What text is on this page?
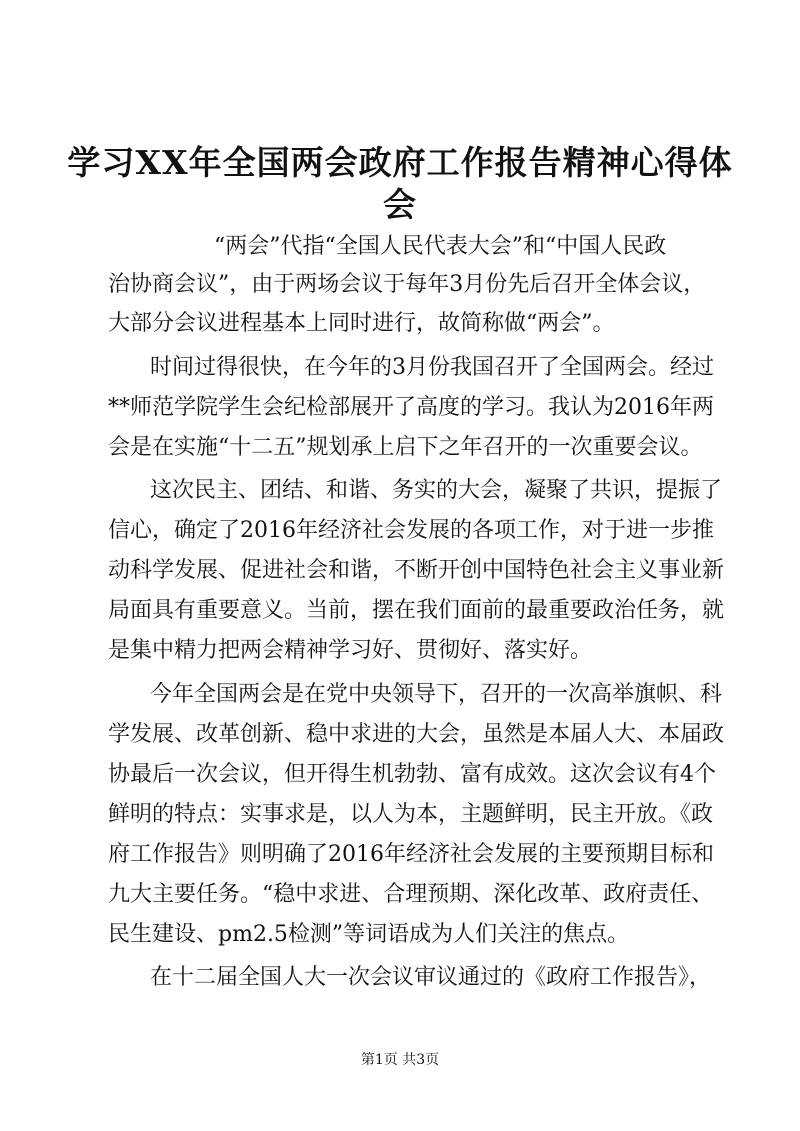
学习XX年全国两会政府工作报告精神心得体
会

“两会”代指“全国人民代表大会”和“中国人民政

治协商会议”，由于两场会议于每年3月份先后召开全体会议，

大部分会议进程基本上同时进行，故简称做“两会”。

时间过得很快，在今年的3月份我国召开了全国两会。经过

**师范学院学生会纪检部展开了高度的学习。我认为2016年两

会是在实施“十二五”规划承上启下之年召开的一次重要会议。

这次民主、团结、和谐、务实的大会，凝聚了共识，提振了

信心，确定了2016年经济社会发展的各项工作，对于进一步推

动科学发展、促进社会和谐，不断开创中国特色社会主义事业新

局面具有重要意义。当前，摆在我们面前的最重要政治任务，就

是集中精力把两会精神学习好、贯彻好、落实好。

今年全国两会是在党中央领导下，召开的一次高举旗帜、科

学发展、改革创新、稳中求进的大会，虽然是本届人大、本届政

协最后一次会议，但开得生机勃勃、富有成效。这次会议有4个

鲜明的特点：实事求是，以人为本，主题鲜明，民主开放。《政

府工作报告》则明确了2016年经济社会发展的主要预期目标和

九大主要任务。“稳中求进、合理预期、深化改革、政府责任、

民生建设、pm2.5检测”等词语成为人们关注的焦点。

在十二届全国人大一次会议审议通过的《政府工作报告》，

第1页 共3页
